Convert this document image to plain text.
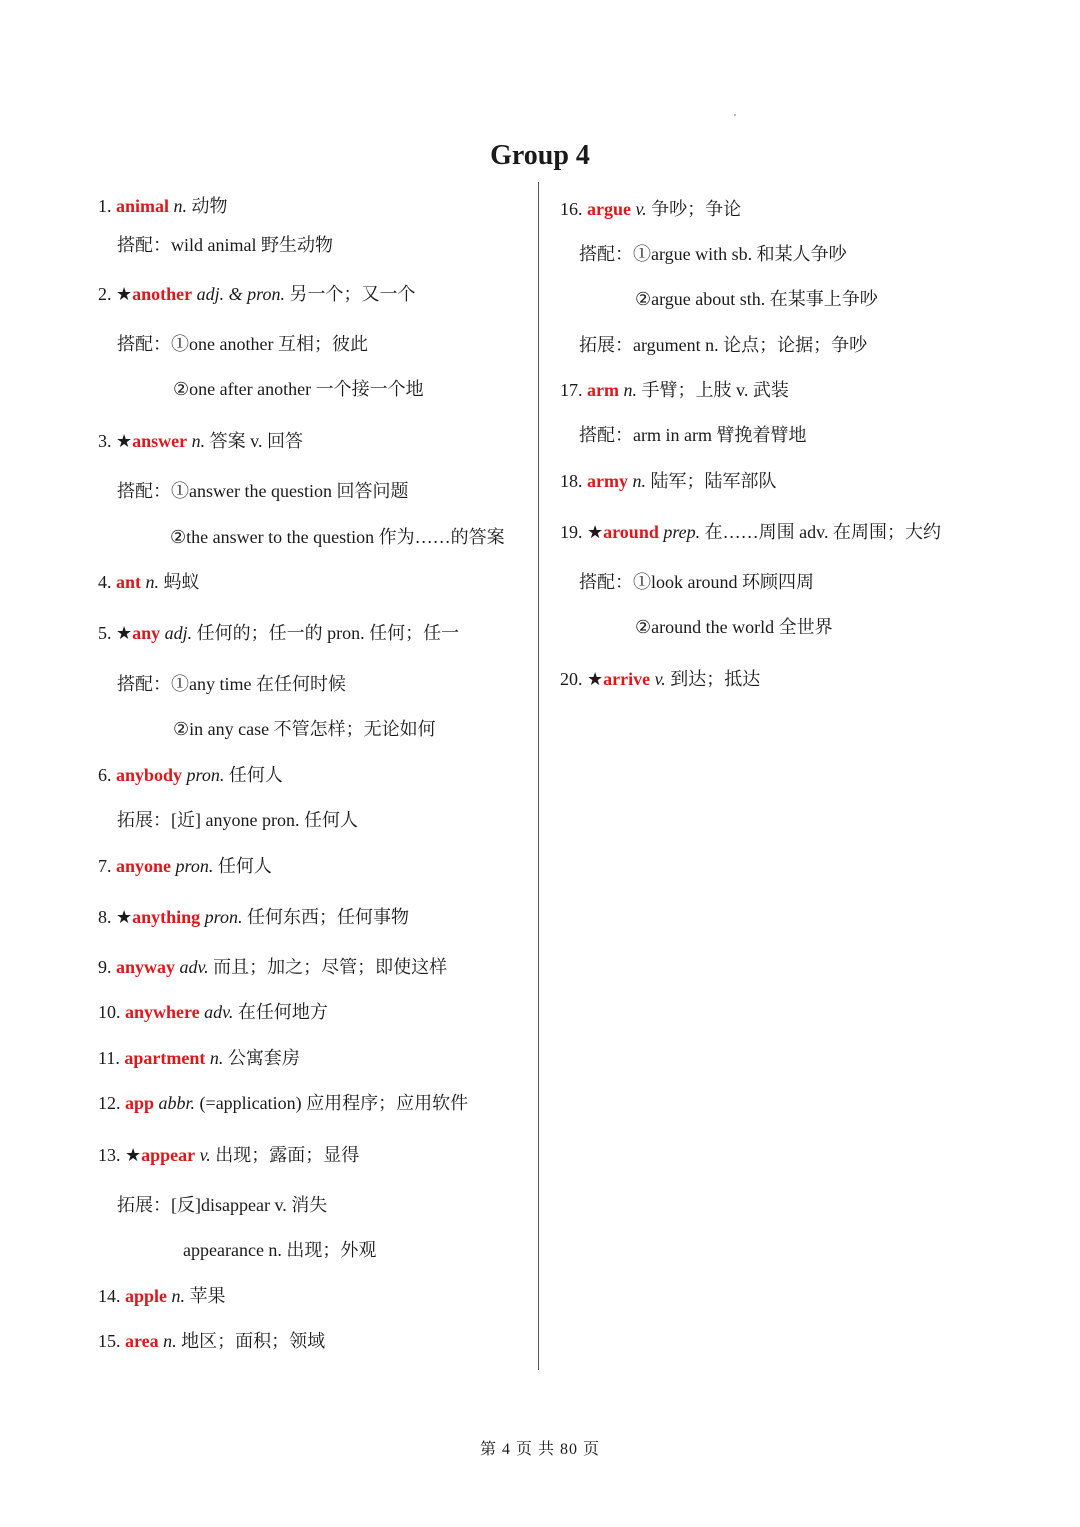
Group 4
1. animal n. 动物
搭配：wild animal 野生动物
2. ★another adj. & pron. 另一个；又一个
搭配：①one another 互相；彼此
②one after another 一个接一个地
3. ★answer n. 答案 v. 回答
搭配：①answer the question 回答问题
②the answer to the question 作为……的答案
4. ant n. 蚂蚁
5. ★any adj. 任何的；任一的 pron. 任何；任一
搭配：①any time 在任何时候
②in any case 不管怎样；无论如何
6. anybody pron. 任何人
拓展：[近] anyone pron. 任何人
7. anyone pron. 任何人
8. ★anything pron. 任何东西；任何事物
9. anyway adv. 而且；加之；尽管；即使这样
10. anywhere adv. 在任何地方
11. apartment n. 公寓套房
12. app abbr. (=application) 应用程序；应用软件
13. ★appear v. 出现；露面；显得
拓展：[反]disappear v. 消失
appearance n. 出现；外观
14. apple n. 苹果
15. area n. 地区；面积；领域
16. argue v. 争吵；争论
搭配：①argue with sb. 和某人争吵
②argue about sth. 在某事上争吵
拓展：argument n. 论点；论据；争吵
17. arm n. 手臂；上肢 v. 武装
搭配：arm in arm 臂挽着臂地
18. army n. 陆军；陆军部队
19. ★around prep. 在……周围 adv. 在周围；大约
搭配：①look around 环顾四周
②around the world 全世界
20. ★arrive v. 到达；抵达
第 4 页 共 80 页
